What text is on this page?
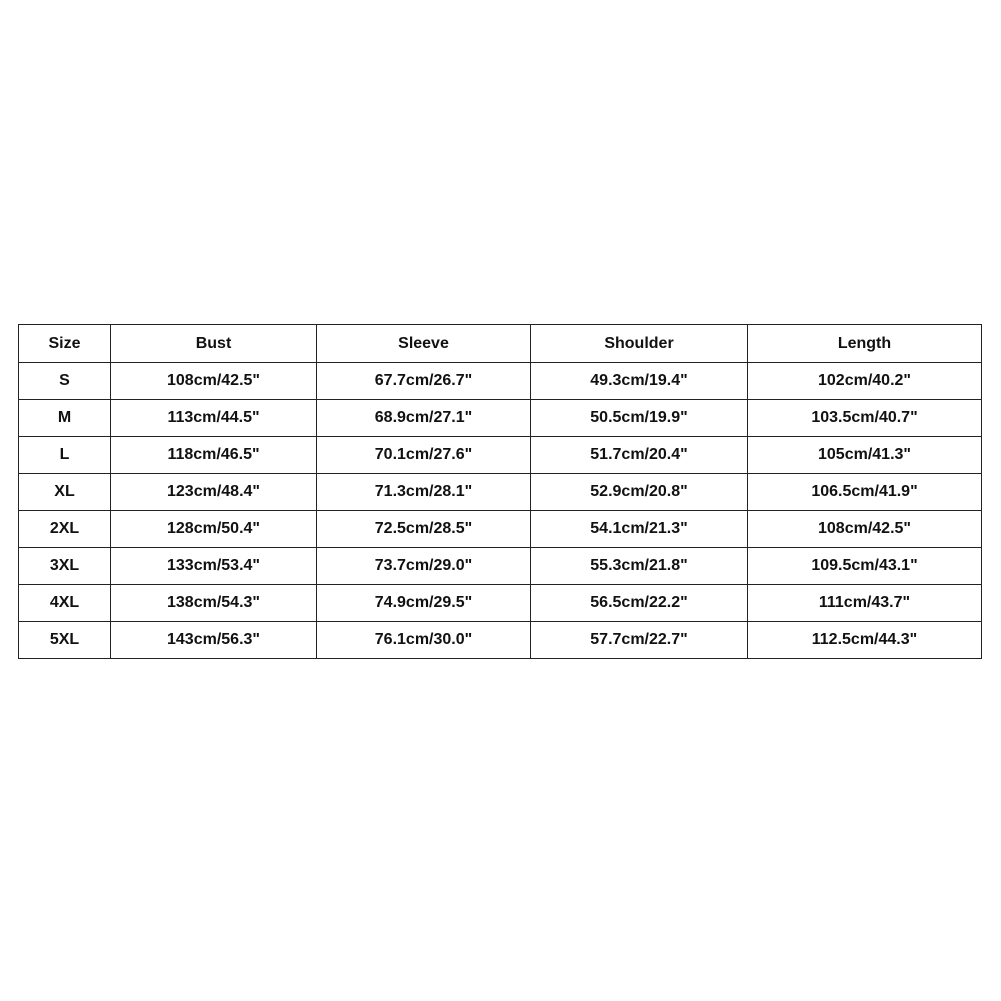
Size	Bust	Sleeve	Shoulder	Length
S	108cm/42.5"	67.7cm/26.7"	49.3cm/19.4"	102cm/40.2"
M	113cm/44.5"	68.9cm/27.1"	50.5cm/19.9"	103.5cm/40.7"
L	118cm/46.5"	70.1cm/27.6"	51.7cm/20.4"	105cm/41.3"
XL	123cm/48.4"	71.3cm/28.1"	52.9cm/20.8"	106.5cm/41.9"
2XL	128cm/50.4"	72.5cm/28.5"	54.1cm/21.3"	108cm/42.5"
3XL	133cm/53.4"	73.7cm/29.0"	55.3cm/21.8"	109.5cm/43.1"
4XL	138cm/54.3"	74.9cm/29.5"	56.5cm/22.2"	111cm/43.7"
5XL	143cm/56.3"	76.1cm/30.0"	57.7cm/22.7"	112.5cm/44.3"
